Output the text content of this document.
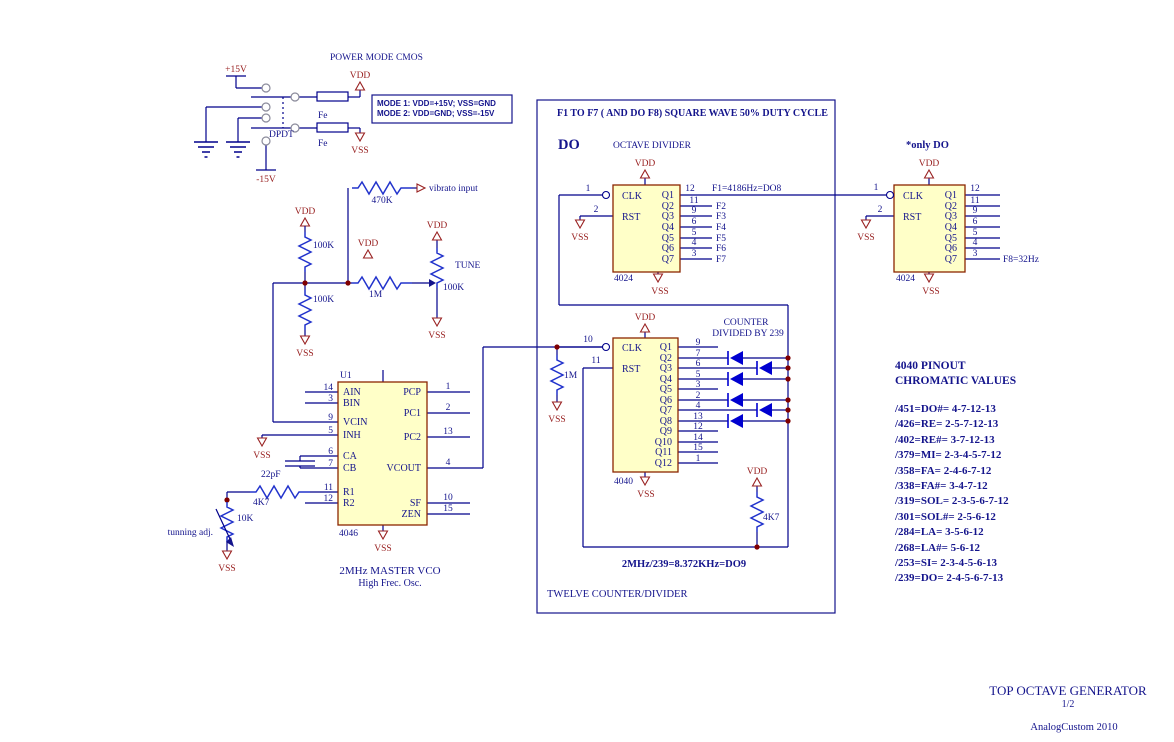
POWER MODE CMOS
+15V
DPDT
Fe
Fe
VDD
VSS
-15V
MODE 1: VDD=+15V; VSS=GND
MODE 2: VDD=GND; VSS=-15V
VDD
100K
100K
VSS
470K
vibrato input
VDD
1M
VDD
TUNE
100K
VSS
U1
4046
AIN
BIN
VCIN
INH
CA
CB
R1
R2
14
3
9
5
6
7
11
12
PCP
PC1
PC2
VCOUT
SF
ZEN
1
2
13
4
10
15
VSS
22pF
4K7
10K
tunning adj.
VSS
VSS
2MHz MASTER VCO
High Frec. Osc.
F1 TO F7 ( AND DO F8) SQUARE WAVE 50% DUTY CYCLE
DO	OCTAVE DIVIDER
TWELVE COUNTER/DIVIDER
VDD
1
CLK
2
RST
VSS
Q1
Q2
Q3
Q4
Q5
Q6
Q7
12
11
9
6
5
4
3
F1=4186Hz=DO8
F2
F3
F4
F5
F6
F7
4024
VSS
COUNTER
DIVIDED BY 239
VDD
1M
VSS
10
CLK
11
RST
Q1
Q2
Q3
Q4
Q5
Q6
Q7
Q8
Q9
Q10
Q11
Q12
9
7
6
5
3
2
4
13
12
14
15
1
4040
VSS
VDD
4K7
2MHz/239=8.372KHz=DO9
*only DO
VDD
1
CLK
2
RST
VSS
Q1
Q2
Q3
Q4
Q5
Q6
Q7
12
11
9
6
5
4
3
F8=32Hz
4024
VSS
4040 PINOUT
CHROMATIC VALUES
/451=DO#= 4-7-12-13
/426=RE= 2-5-7-12-13
/402=RE#= 3-7-12-13
/379=MI= 2-3-4-5-7-12
/358=FA= 2-4-6-7-12
/338=FA#= 3-4-7-12
/319=SOL= 2-3-5-6-7-12
/301=SOL#= 2-5-6-12
/284=LA= 3-5-6-12
/268=LA#= 5-6-12
/253=SI= 2-3-4-5-6-13
/239=DO= 2-4-5-6-7-13
TOP OCTAVE GENERATOR
1/2
AnalogCustom 2010
